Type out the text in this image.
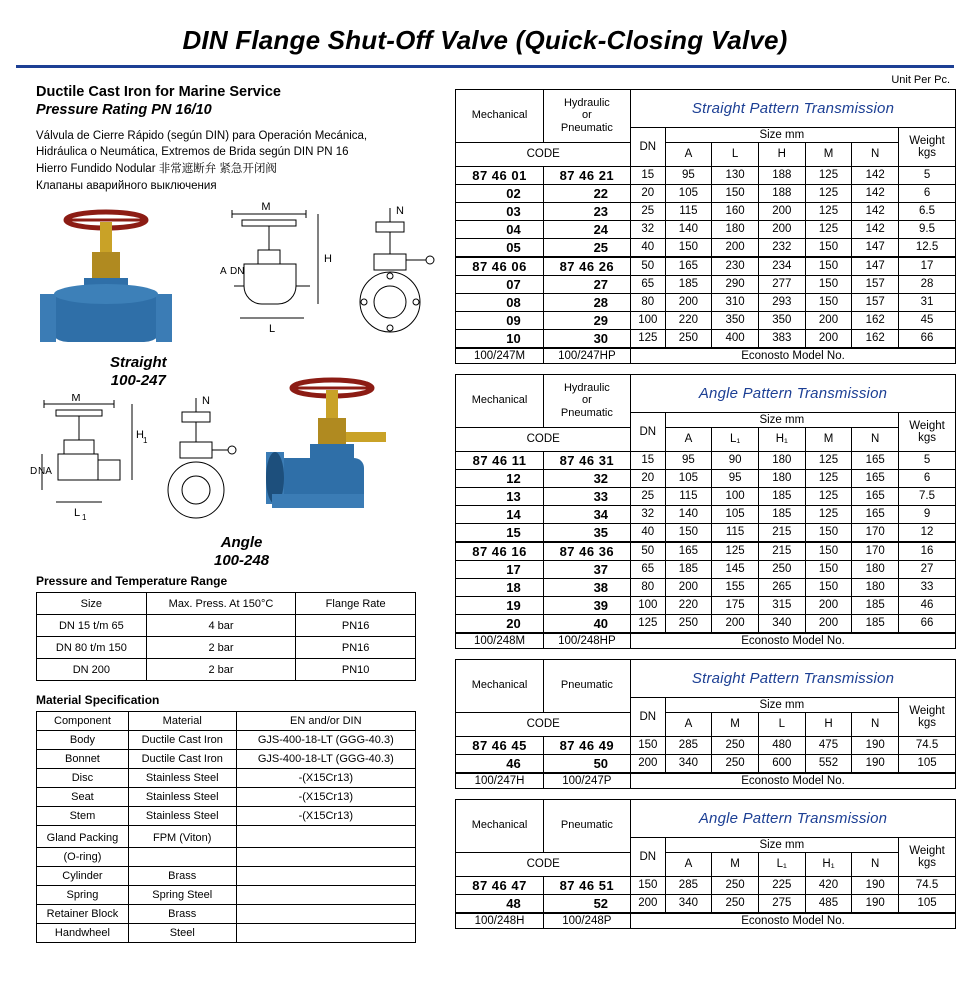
DIN Flange Shut-Off Valve (Quick-Closing Valve)
Ductile Cast Iron for Marine Service
Pressure Rating PN 16/10
Válvula de Cierre Rápido (según DIN) para Operación Mecánica,
Hidráulica o Neumática, Extremos de Brida según DIN PN 16
Hierro Fundido Nodular 非常遮断弁 紧急开闭阀
Клапаны аварийного выключения
M
H
A DN
L
N
Straight
100-247
M
D NA
H 1
L 1
N
Angle
100-248
Pressure and Temperature Range
Size	Max. Press. At 150°C	Flange Rate
DN 15 t/m 65	4 bar	PN16
DN 80 t/m 150	2 bar	PN16
DN 200	2 bar	PN10
Material Specification
Component	Material	EN and/or DIN
Body	Ductile Cast Iron	GJS-400-18-LT (GGG-40.3)
Bonnet	Ductile Cast Iron	GJS-400-18-LT (GGG-40.3)
Disc	Stainless Steel	-(X15Cr13)
Seat	Stainless Steel	-(X15Cr13)
Stem	Stainless Steel	-(X15Cr13)
Gland Packing	FPM (Viton)	
(O-ring)		
Cylinder	Brass	
Spring	Spring Steel	
Retainer Block	Brass	
Handwheel	Steel	
Unit Per Pc.
Mechanical	Hydraulic
or
Pneumatic	Straight Pattern Transmission						
		DN	Size mm					Weight
kgs
CODE			A	L	H	M	N	
87 46 01	87 46 21	15	95	130	188	125	142	5
02	22	20	105	150	188	125	142	6
03	23	25	115	160	200	125	142	6.5
04	24	32	140	180	200	125	142	9.5
05	25	40	150	200	232	150	147	12.5
87 46 06	87 46 26	50	165	230	234	150	147	17
07	27	65	185	290	277	150	157	28
08	28	80	200	310	293	150	157	31
09	29	100	220	350	350	200	162	45
10	30	125	250	400	383	200	162	66
100/247M	100/247HP	Econosto Model No.						
Mechanical	Hydraulic
or
Pneumatic	Angle Pattern Transmission						
		DN	Size mm					Weight
kgs
CODE			A	L₁	H₁	M	N	
87 46 11	87 46 31	15	95	90	180	125	165	5
12	32	20	105	95	180	125	165	6
13	33	25	115	100	185	125	165	7.5
14	34	32	140	105	185	125	165	9
15	35	40	150	115	215	150	170	12
87 46 16	87 46 36	50	165	125	215	150	170	16
17	37	65	185	145	250	150	180	27
18	38	80	200	155	265	150	180	33
19	39	100	220	175	315	200	185	46
20	40	125	250	200	340	200	185	66
100/248M	100/248HP	Econosto Model No.						
Mechanical	Pneumatic	Straight Pattern Transmission						
		DN	Size mm					Weight
kgs
CODE			A	M	L	H	N	
87 46 45	87 46 49	150	285	250	480	475	190	74.5
46	50	200	340	250	600	552	190	105
100/247H	100/247P	Econosto Model No.						
Mechanical	Pneumatic	Angle Pattern Transmission						
		DN	Size mm					Weight
kgs
CODE			A	M	L₁	H₁	N	
87 46 47	87 46 51	150	285	250	225	420	190	74.5
48	52	200	340	250	275	485	190	105
100/248H	100/248P	Econosto Model No.						
